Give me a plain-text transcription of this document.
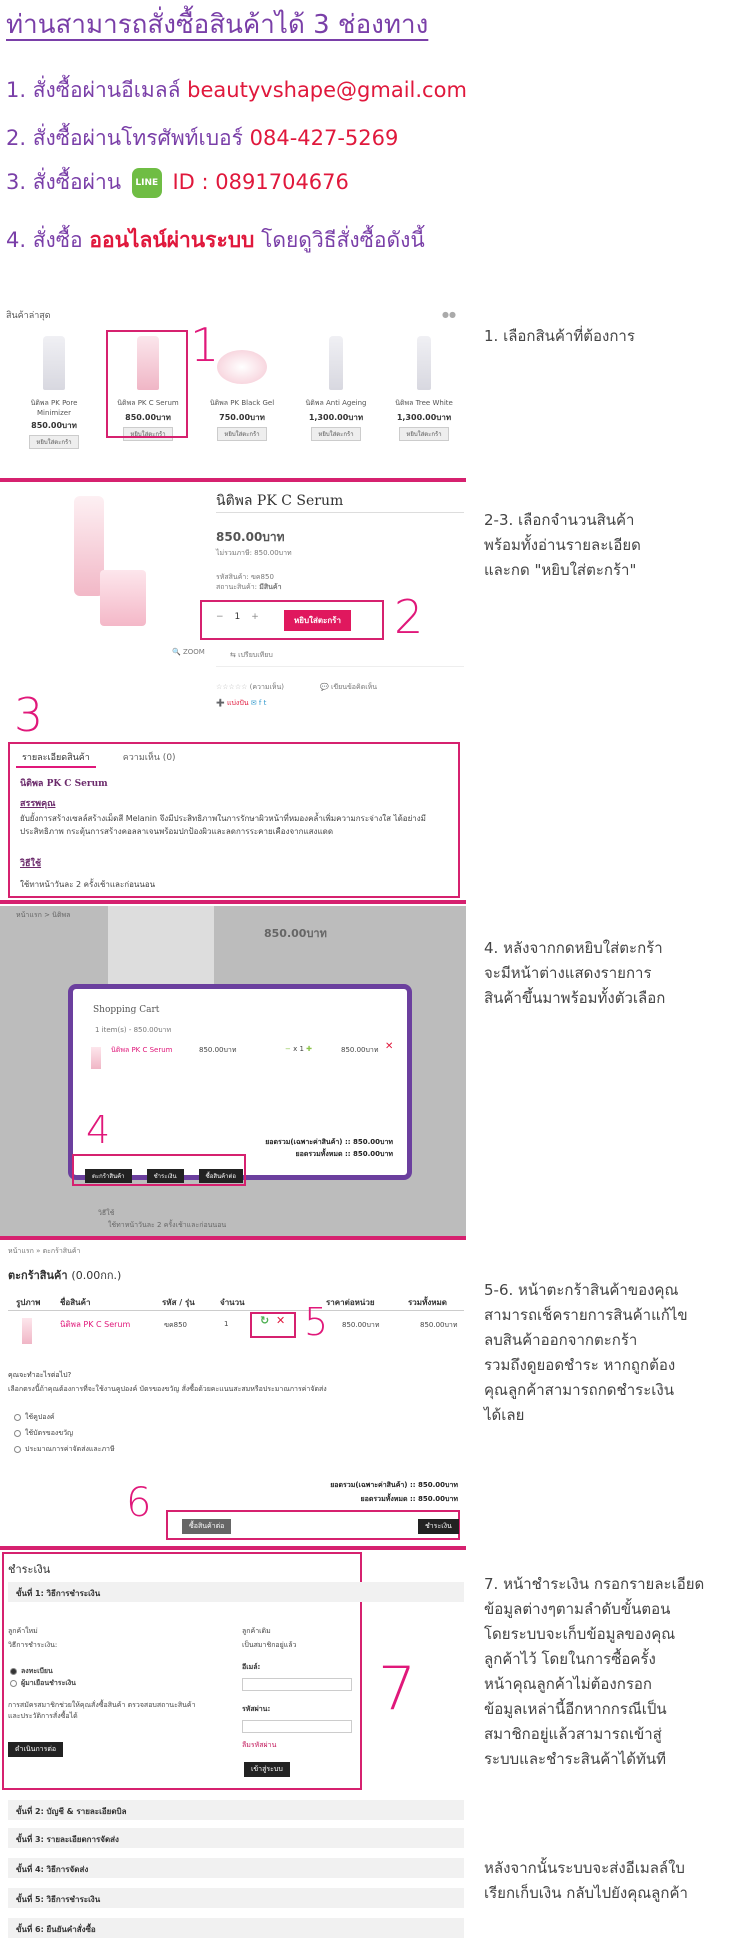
ท่านสามารถสั่งซื้อสินค้าได้ 3 ช่องทาง
1. สั่งซื้อผ่านอีเมลล์ beautyvshape@gmail.com
2. สั่งซื้อผ่านโทรศัพท์เบอร์ 084-427-5269
3. สั่งซื้อผ่าน LINE ID : 0891704676
4. สั่งซื้อ ออนไลน์ผ่านระบบ โดยดูวิธีสั่งซื้อดังนี้
สินค้าล่าสุด	●●
นิติพล PK Pore Minimizer
850.00บาท
หยิบใส่ตะกร้า
นิติพล PK C Serum
850.00บาท
หยิบใส่ตะกร้า
นิติพล PK Black Gel
750.00บาท
หยิบใส่ตะกร้า
นิติพล Anti Ageing
1,300.00บาท
หยิบใส่ตะกร้า
นิติพล Tree White
1,300.00บาท
หยิบใส่ตะกร้า
1	1. เลือกสินค้าที่ต้องการ
🔍 ZOOM
นิติพล PK C Serum
850.00บาท
ไม่รวมภาษี: 850.00บาท
รหัสสินค้า: ฃค850
สถานะสินค้า: มีสินค้า
− 1 +	หยิบใส่ตะกร้า 2
⇆ เปรียบเทียบ
☆☆☆☆☆ (ความเห็น)	💬 เขียนข้อคิดเห็น
➕ แบ่งปัน ✉ f t
3
รายละเอียดสินค้า	ความเห็น (0)
นิติพล PK C Serum
สรรพคุณ
ยับยั้งการสร้างเซลล์สร้างเม็ดสี Melanin จึงมีประสิทธิภาพในการรักษาผิวหน้าที่หมองคล้ำเพิ่มความกระจ่างใส ได้อย่างมีประสิทธิภาพ กระตุ้นการสร้างคอลลาเจนพร้อมปกป้องผิวและลดการระคายเคืองจากแสงแดด
วิธีใช้
ใช้ทาหน้าวันละ 2 ครั้งเช้าและก่อนนอน
2-3. เลือกจำนวนสินค้า
พร้อมทั้งอ่านรายละเอียด
และกด "หยิบใส่ตะกร้า"
หน้าแรก > นิติพล
850.00บาท
วิธีใช้
ใช้ทาหน้าวันละ 2 ครั้งเช้าและก่อนนอน
Shopping Cart
1 item(s) - 850.00บาท
นิติพล PK C Serum	850.00บาท	− x 1 ✚	850.00บาท ✕
ยอดรวม(เฉพาะค่าสินค้า) :: 850.00บาท
ยอดรวมทั้งหมด :: 850.00บาท
ตะกร้าสินค้า	ชำระเงิน	ซื้อสินค้าต่อ
4
4. หลังจากกดหยิบใส่ตะกร้า
จะมีหน้าต่างแสดงรายการ
สินค้าขึ้นมาพร้อมทั้งตัวเลือก
หน้าแรก » ตะกร้าสินค้า
ตะกร้าสินค้า (0.00กก.)
รูปภาพ ชื่อสินค้า	รหัส / รุ่น	จำนวน	ราคาต่อหน่วย	รวมทั้งหมด
นิติพล PK C Serum	ฃค850	1	↻ ✕	850.00บาท	850.00บาท
5
คุณจะทำอะไรต่อไป?
เลือกตรงนี้ถ้าคุณต้องการที่จะใช้งานคูปองค์ บัตรของขวัญ สั่งซื้อด้วยคะแนนสะสมหรือประมาณการค่าจัดส่ง
ใช้คูปองค์
ใช้บัตรของขวัญ
ประมาณการค่าจัดส่งและภาษี
ยอดรวม(เฉพาะค่าสินค้า) :: 850.00บาท
ยอดรวมทั้งหมด :: 850.00บาท
6	ซื้อสินค้าต่อ	ชำระเงิน
5-6. หน้าตะกร้าสินค้าของคุณ
สามารถเช็ครายการสินค้าแก้ไข
ลบสินค้าออกจากตะกร้า
รวมถึงดูยอดชำระ หากถูกต้อง
คุณลูกค้าสามารถกดชำระเงิน
ได้เลย
ชำระเงิน
ขั้นที่ 1: วิธีการชำระเงิน
ลูกค้าใหม่
วิธีการชำระเงิน:
ลงทะเบียน
ผู้มาเยือนชำระเงิน
การสมัครสมาชิกช่วยให้คุณสั่งซื้อสินค้า ตรวจสอบสถานะสินค้าและประวัติการสั่งซื้อได้
ดำเนินการต่อ
ลูกค้าเดิม
เป็นสมาชิกอยู่แล้ว
อีเมล์:
รหัสผ่าน:
ลืมรหัสผ่าน
เข้าสู่ระบบ
7
ขั้นที่ 2: บัญชี & รายละเอียดบิล
ขั้นที่ 3: รายละเอียดการจัดส่ง
ขั้นที่ 4: วิธีการจัดส่ง
ขั้นที่ 5: วิธีการชำระเงิน
ขั้นที่ 6: ยืนยันคำสั่งซื้อ
7. หน้าชำระเงิน กรอกรายละเอียด
ข้อมูลต่างๆตามลำดับขั้นตอน
โดยระบบจะเก็บข้อมูลของคุณ
ลูกค้าไว้ โดยในการซื้อครั้ง
หน้าคุณลูกค้าไม่ต้องกรอก
ข้อมูลเหล่านี้อีกหากกรณีเป็น
สมาชิกอยู่แล้วสามารถเข้าสู่
ระบบและชำระสินค้าได้ทันที
หลังจากนั้นระบบจะส่งอีเมลล์ใบ
เรียกเก็บเงิน กลับไปยังคุณลูกค้า
